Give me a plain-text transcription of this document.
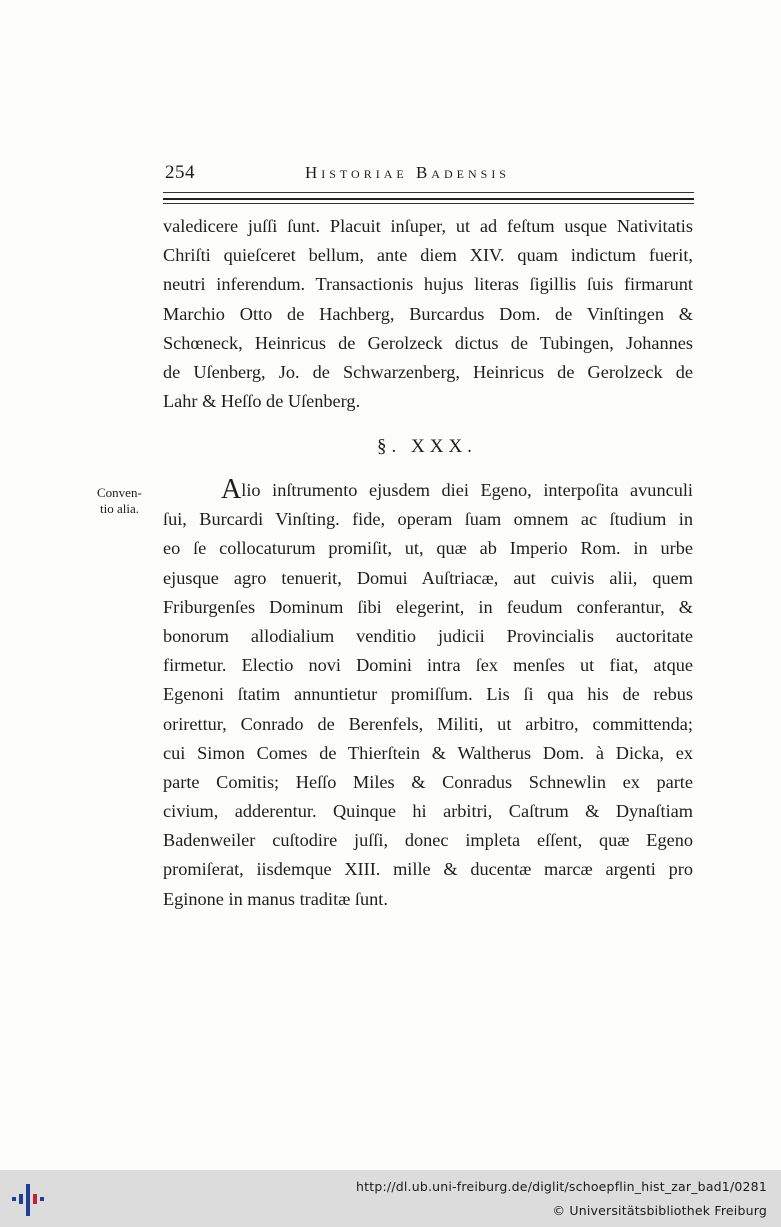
254	Historiae Badensis
valedicere juſſi ſunt. Placuit inſuper, ut ad feſtum usque Nativitatis
Chriſti quieſceret bellum, ante diem XIV. quam indictum fuerit,
neutri inferendum. Transactionis hujus literas ſigillis ſuis firmarunt
Marchio Otto de Hachberg, Burcardus Dom. de Vinſtingen &
Schœneck, Heinricus de Gerolzeck dictus de Tubingen, Johannes
de Uſenberg, Jo. de Schwarzenberg, Heinricus de Gerolzeck de
Lahr & Heſſo de Uſenberg.
§. XXX.
Conven-
tio alia.
Alio inſtrumento ejusdem diei Egeno, interpoſita avunculi
ſui, Burcardi Vinſting. fide, operam ſuam omnem ac ſtudium in
eo ſe collocaturum promiſit, ut, quæ ab Imperio Rom. in urbe
ejusque agro tenuerit, Domui Auſtriacæ, aut cuivis alii, quem
Friburgenſes Dominum ſibi elegerint, in feudum conferantur, &
bonorum allodialium venditio judicii Provincialis auctoritate
firmetur. Electio novi Domini intra ſex menſes ut fiat, atque
Egenoni ſtatim annuntietur promiſſum. Lis ſi qua his de rebus
orirettur, Conrado de Berenfels, Militi, ut arbitro, committenda;
cui Simon Comes de Thierſtein & Waltherus Dom. à Dicka, ex
parte Comitis; Heſſo Miles & Conradus Schnewlin ex parte
civium, adderentur. Quinque hi arbitri, Caſtrum & Dynaſtiam
Badenweiler cuſtodire juſſi, donec impleta eſſent, quæ Egeno
promiſerat, iisdemque XIII. mille & ducentæ marcæ argenti pro
Eginone in manus traditæ ſunt.
http://dl.ub.uni-freiburg.de/diglit/schoepflin_hist_zar_bad1/0281
© Universitätsbibliothek Freiburg
